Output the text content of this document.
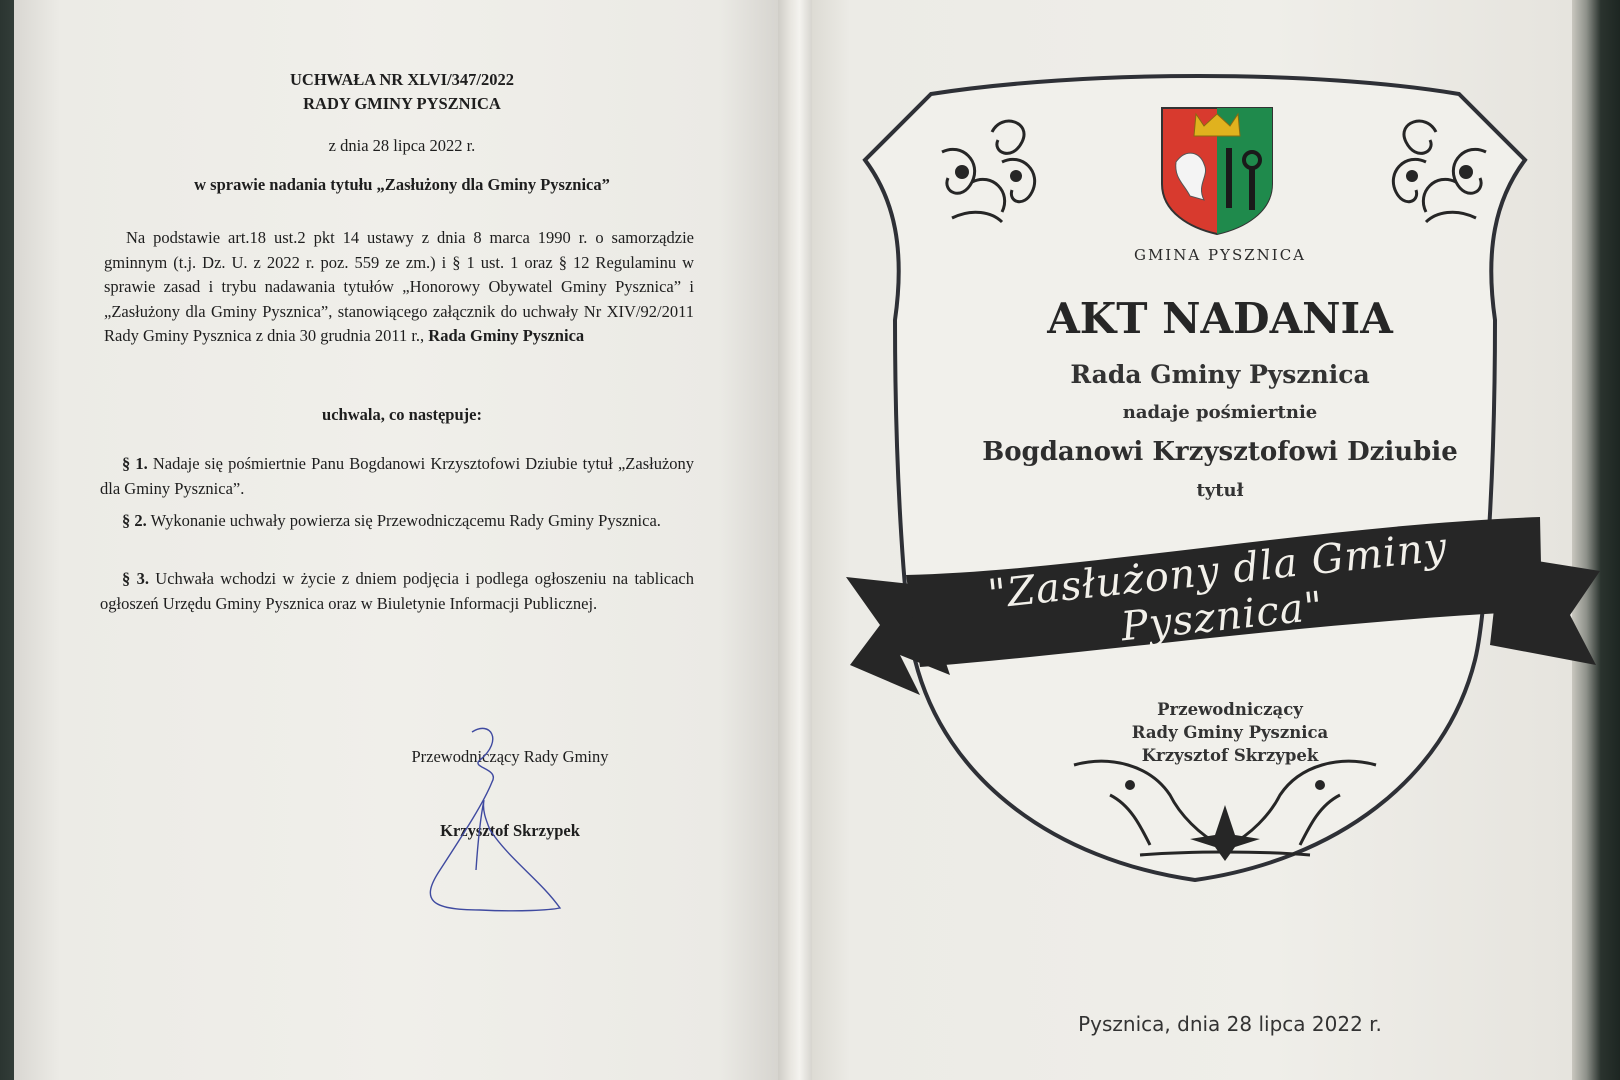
UCHWAŁA NR XLVI/347/2022
RADY GMINY PYSZNICA
z dnia 28 lipca 2022 r.
w sprawie nadania tytułu „Zasłużony dla Gminy Pysznica”
Na podstawie art.18 ust.2 pkt 14 ustawy z dnia 8 marca 1990 r. o samorządzie gminnym (t.j. Dz. U. z 2022 r. poz. 559 ze zm.) i § 1 ust. 1 oraz § 12 Regulaminu w sprawie zasad i trybu nadawania tytułów „Honorowy Obywatel Gminy Pysznica” i „Zasłużony dla Gminy Pysznica”, stanowiącego załącznik do uchwały Nr XIV/92/2011 Rady Gminy Pysznica z dnia 30 grudnia 2011 r., Rada Gminy Pysznica
uchwala, co następuje:
§ 1. Nadaje się pośmiertnie Panu Bogdanowi Krzysztofowi Dziubie tytuł „Zasłużony dla Gminy Pysznica”.
§ 2. Wykonanie uchwały powierza się Przewodniczącemu Rady Gminy Pysznica.
§ 3. Uchwała wchodzi w życie z dniem podjęcia i podlega ogłoszeniu na tablicach ogłoszeń Urzędu Gminy Pysznica oraz w Biuletynie Informacji Publicznej.
Przewodniczący Rady Gminy
Krzysztof Skrzypek
GMINA PYSZNICA
AKT NADANIA
Rada Gminy Pysznica
nadaje pośmiertnie
Bogdanowi Krzysztofowi Dziubie
tytuł
"Zasłużony dla Gminy Pysznica"
Przewodniczący
Rady Gminy Pysznica
Krzysztof Skrzypek
Pysznica, dnia 28 lipca 2022 r.
